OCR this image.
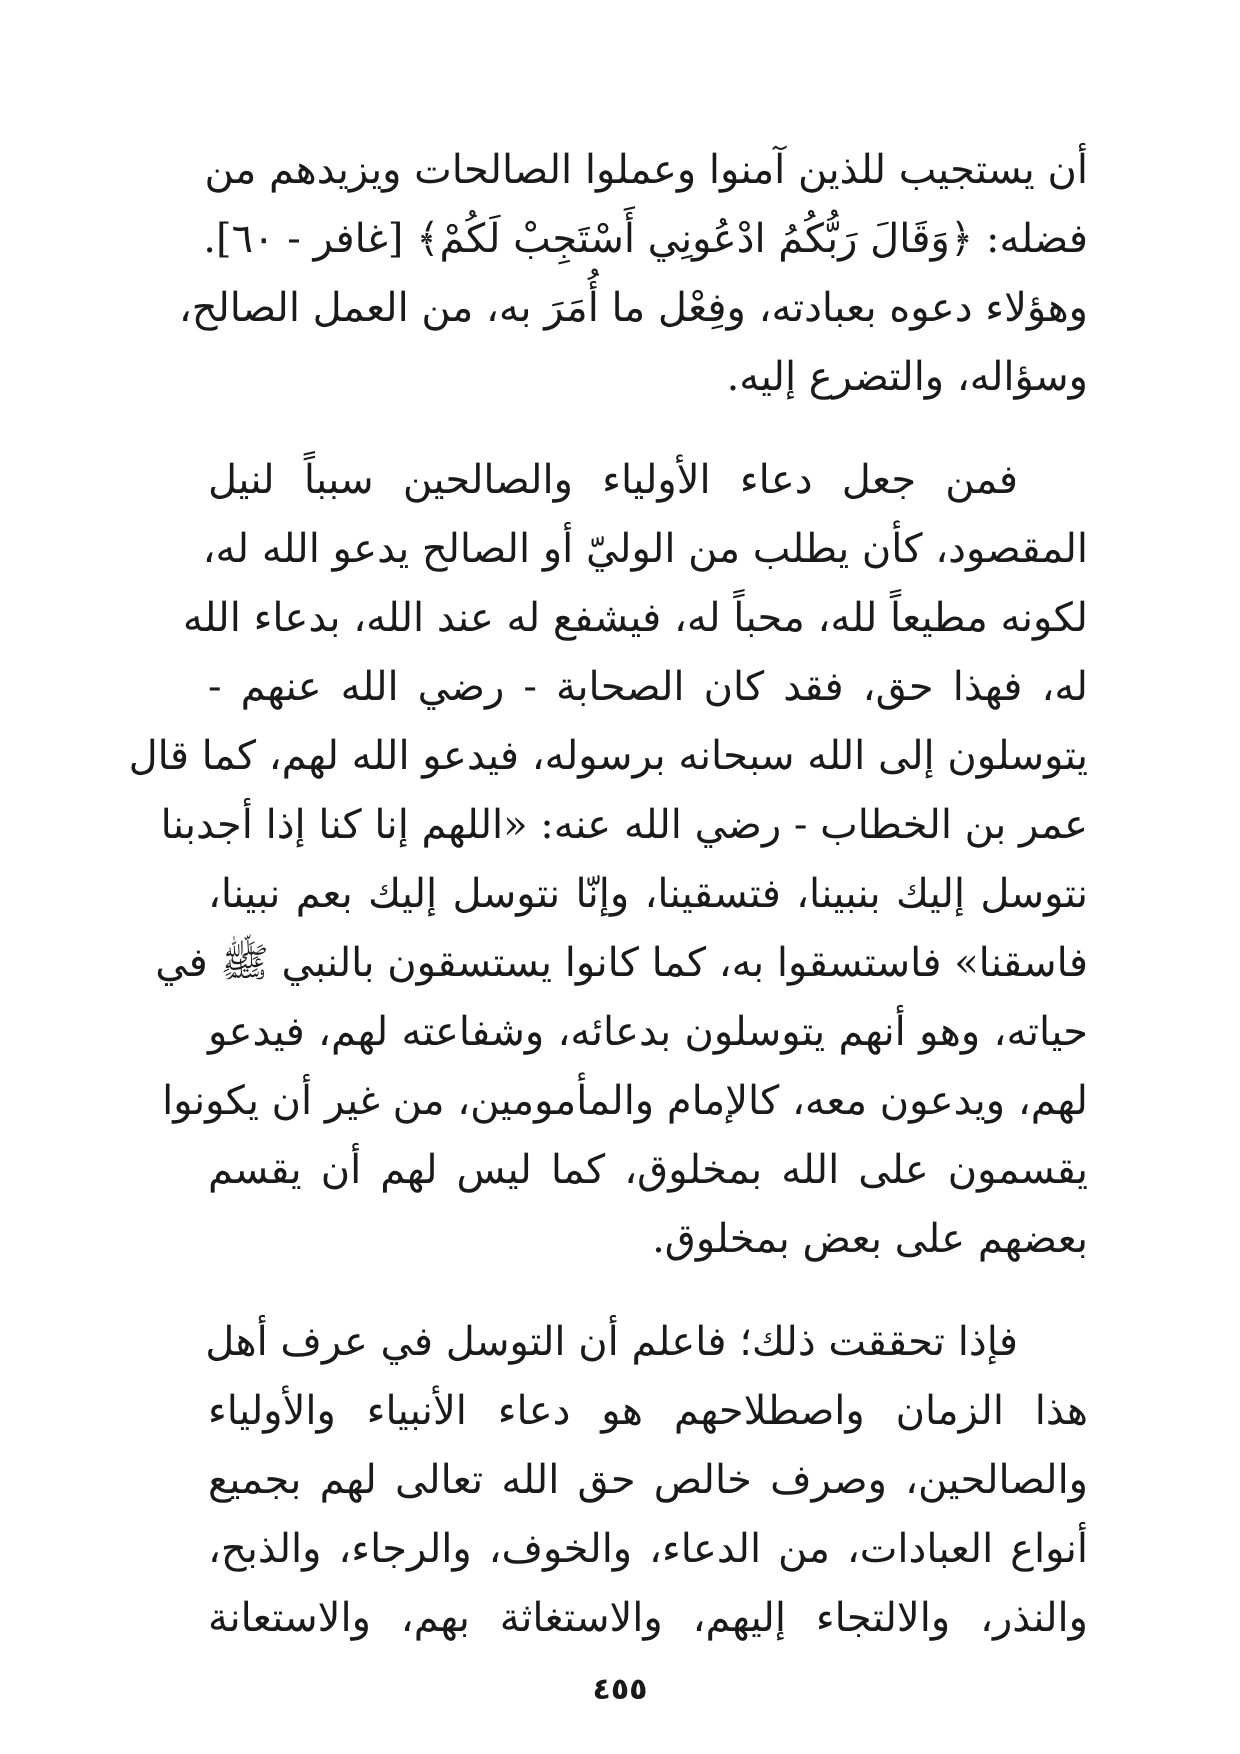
أن يستجيب للذين آمنوا وعملوا الصالحات ويزيدهم من
فضله: ﴿وَقَالَ رَبُّكُمُ ادْعُونِي أَسْتَجِبْ لَكُمْ﴾ [غافر - ٦٠].
وهؤلاء دعوه بعبادته، وفِعْل ما أُمَرَ به، من العمل الصالح،
وسؤاله، والتضرع إليه.
فمن جعل دعاء الأولياء والصالحين سبباً لنيل
المقصود، كأن يطلب من الوليّ أو الصالح يدعو الله له،
لكونه مطيعاً لله، محباً له، فيشفع له عند الله، بدعاء الله
له، فهذا حق، فقد كان الصحابة - رضي الله عنهم -
يتوسلون إلى الله سبحانه برسوله، فيدعو الله لهم، كما قال
عمر بن الخطاب - رضي الله عنه: «اللهم إنا كنا إذا أجدبنا
نتوسل إليك بنبينا، فتسقينا، وإنّا نتوسل إليك بعم نبينا،
فاسقنا» فاستسقوا به، كما كانوا يستسقون بالنبي ﷺ في
حياته، وهو أنهم يتوسلون بدعائه، وشفاعته لهم، فيدعو
لهم، ويدعون معه، كالإمام والمأمومين، من غير أن يكونوا
يقسمون على الله بمخلوق، كما ليس لهم أن يقسم
بعضهم على بعض بمخلوق.
فإذا تحققت ذلك؛ فاعلم أن التوسل في عرف أهل
هذا الزمان واصطلاحهم هو دعاء الأنبياء والأولياء
والصالحين، وصرف خالص حق الله تعالى لهم بجميع
أنواع العبادات، من الدعاء، والخوف، والرجاء، والذبح،
والنذر، والالتجاء إليهم، والاستغاثة بهم، والاستعانة
٤٥٥
